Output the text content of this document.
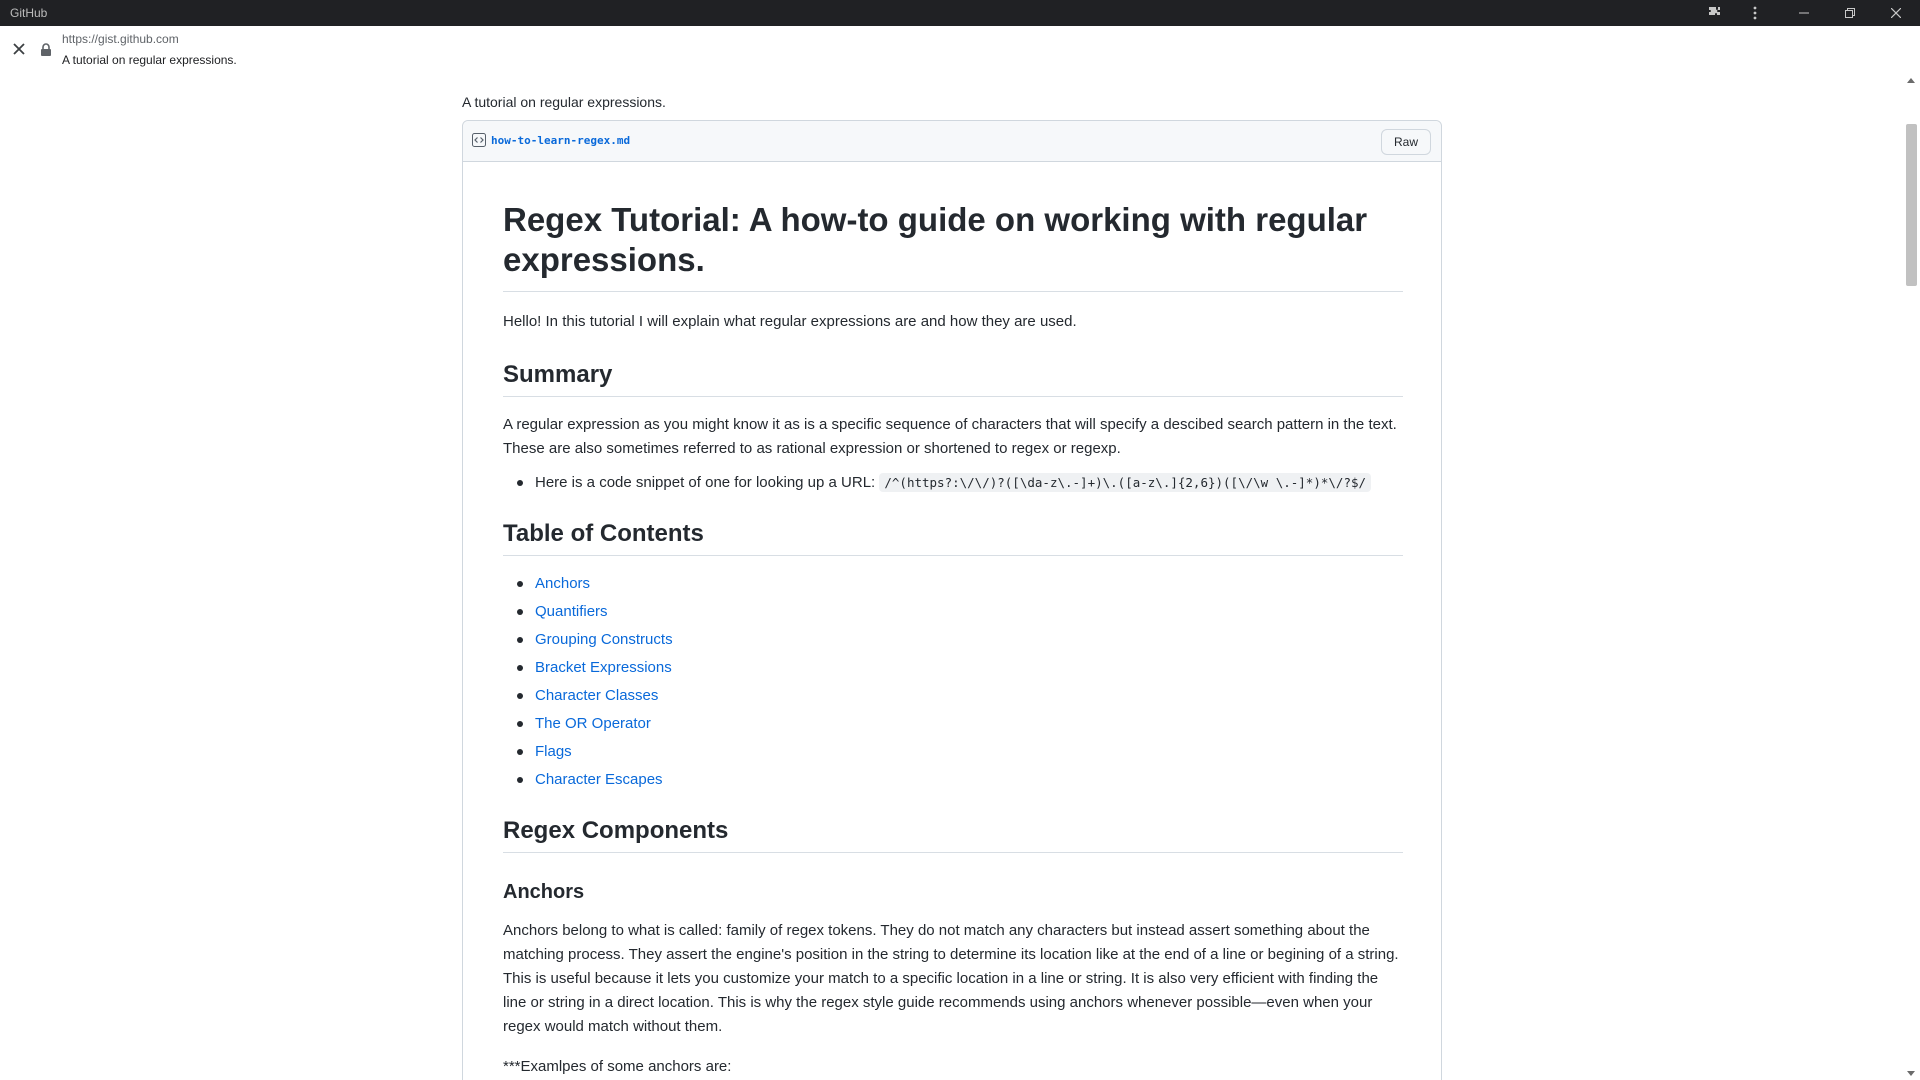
GitHub
https://gist.github.com
A tutorial on regular expressions.
A tutorial on regular expressions.
how-to-learn-regex.md	Raw
Regex Tutorial: A how-to guide on working with regular expressions.

Hello! In this tutorial I will explain what regular expressions are and how they are used.

Summary

A regular expression as you might know it as is a specific sequence of characters that will specify a descibed search pattern in the text. These are also sometimes referred to as rational expression or shortened to regex or regexp.

Here is a code snippet of one for looking up a URL: /^(https?:\/\/)?([\da-z\.-]+)\.([a-z\.]{2,6})([\/\w \.-]*)*\/?$/
Table of Contents
Anchors
Quantifiers
Grouping Constructs
Bracket Expressions
Character Classes
The OR Operator
Flags
Character Escapes
Regex Components
Anchors

Anchors belong to what is called: family of regex tokens. They do not match any characters but instead assert something about the matching process. They assert the engine's position in the string to determine its location like at the end of a line or begining of a string. This is useful because it lets you customize your match to a specific location in a line or string. It is also very efficient with finding the line or string in a direct location. This is why the regex style guide recommends using anchors whenever possible—even when your regex would match without them.

***Examlpes of some anchors are:
